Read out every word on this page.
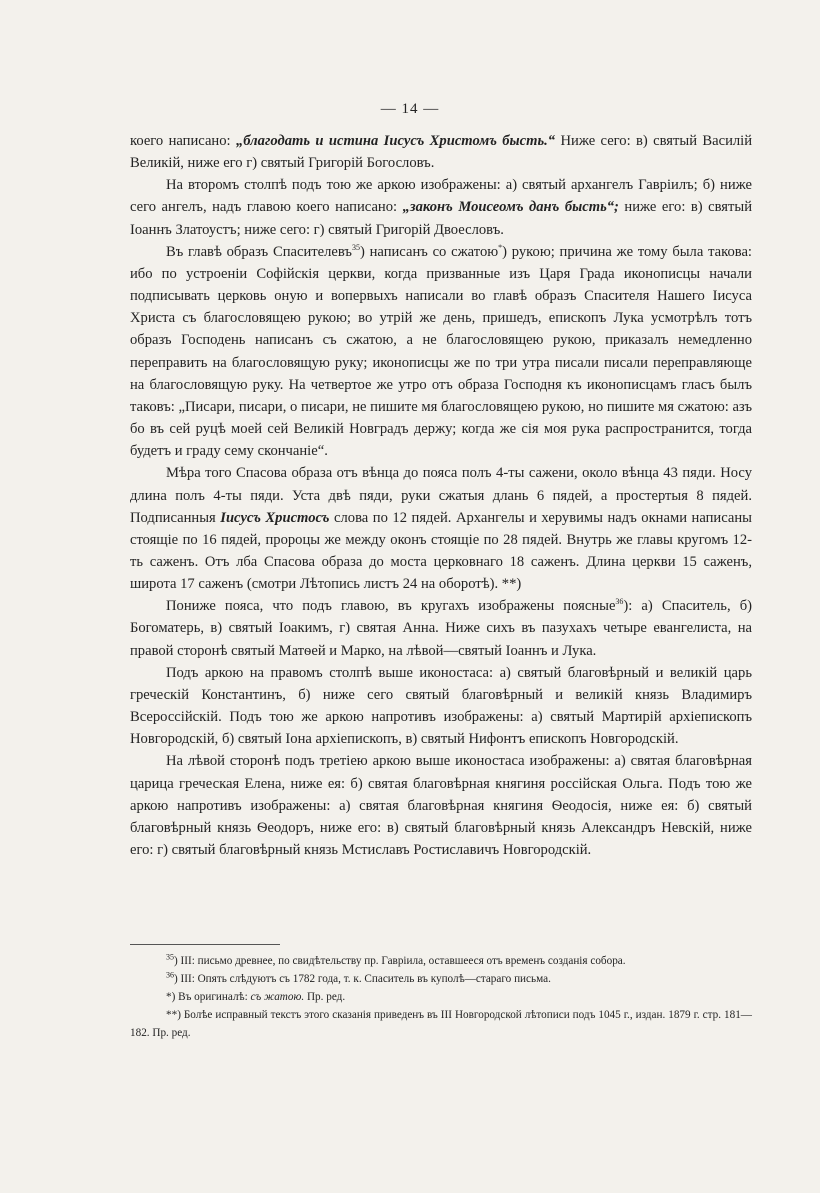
— 14 —

коего написано: „благодать и истина Іисусъ Христомъ бысть.“ Ниже сего: в) святый Василій Великій, ниже его г) святый Григорій Богословъ.

На второмъ столпѣ подъ тою же аркою изображены: а) святый архангелъ Гавріилъ; б) ниже сего ангелъ, надъ главою коего написано: „законъ Моисеомъ данъ бысть“; ниже его: в) святый Іоаннъ Златоустъ; ниже сего: г) святый Григорій Двоесловъ.

Въ главѣ образъ Спасителевъ$^{35}$) написанъ со сжатою*) рукою; причина же тому была такова: ибо по устроеніи Софійскія церкви, когда призванные изъ Царя Града иконописцы начали подписывать церковь оную и вопервыхъ написали во главѣ образъ Спасителя Нашего Іисуса Христа съ благословящею рукою; во утрій же день, пришедъ, епископъ Лука усмотрѣлъ тотъ образъ Господень написанъ съ сжатою, а не благословящею рукою, приказалъ немедленно переправить на благословящую руку; иконописцы же по три утра писали писали переправляюще на благословящую руку. На четвертое же утро отъ образа Господня къ иконописцамъ гласъ былъ таковъ: „Писари, писари, о писари, не пишите мя благословящею рукою, но пишите мя сжатою: азъ бо въ сей руцѣ моей сей Великій Новградъ держу; когда же сія моя рука распространится, тогда будетъ и граду сему скончаніе“.

Мѣра того Спасова образа отъ вѣнца до пояса полъ 4-ты сажени, около вѣнца 43 пяди. Носу длина полъ 4-ты пяди. Уста двѣ пяди, руки сжатыя длань 6 пядей, а простертыя 8 пядей. Подписанныя Іисусъ Христосъ слова по 12 пядей. Архангелы и херувимы надъ окнами написаны стоящіе по 16 пядей, пророцы же между оконъ стоящіе по 28 пядей. Внутрь же главы кругомъ 12-ть саженъ. Отъ лба Спасова образа до моста церковнаго 18 саженъ. Длина церкви 15 саженъ, широта 17 саженъ (смотри Лѣтопись листъ 24 на оборотѣ). **)

Пониже пояса, что подъ главою, въ кругахъ изображены поясные$^{36}$): а) Спаситель, б) Богоматерь, в) святый Іоакимъ, г) святая Анна. Ниже сихъ въ пазухахъ четыре евангелиста, на правой сторонѣ святый Матѳей и Марко, на лѣвой—святый Іоаннъ и Лука.

Подъ аркою на правомъ столпѣ выше иконостаса: а) святый благовѣрный и великій царь греческій Константинъ, б) ниже сего святый благовѣрный и великій князь Владимиръ Всероссійскій. Подъ тою же аркою напротивъ изображены: а) святый Мартирій архіепископъ Новгородскій, б) святый Іона архіепископъ, в) святый Нифонтъ епископъ Новгородскій.

На лѣвой сторонѣ подъ третіею аркою выше иконостаса изображены: а) святая благовѣрная царица греческая Елена, ниже ея: б) святая благовѣрная княгиня россійская Ольга. Подъ тою же аркою напротивъ изображены: а) святая благовѣрная княгиня Ѳеодосія, ниже ея: б) святый благовѣрный князь Ѳеодоръ, ниже его: в) святый благовѣрный князь Александръ Невскій, ниже его: г) святый благовѣрный князь Мстиславъ Ростиславичъ Новгородскій.

$^{35}$) III: письмо древнее, по свидѣтельству пр. Гавріила, оставшееся отъ временъ созданія собора.

$^{36}$) III: Опять слѣдуютъ съ 1782 года, т. к. Спаситель въ куполѣ—стараго письма.

*) Въ оригиналѣ: съ жатою. Пр. ред.

**) Болѣе исправный текстъ этого сказанія приведенъ въ III Новгородской лѣтописи подъ 1045 г., издан. 1879 г. стр. 181—182. Пр. ред.
